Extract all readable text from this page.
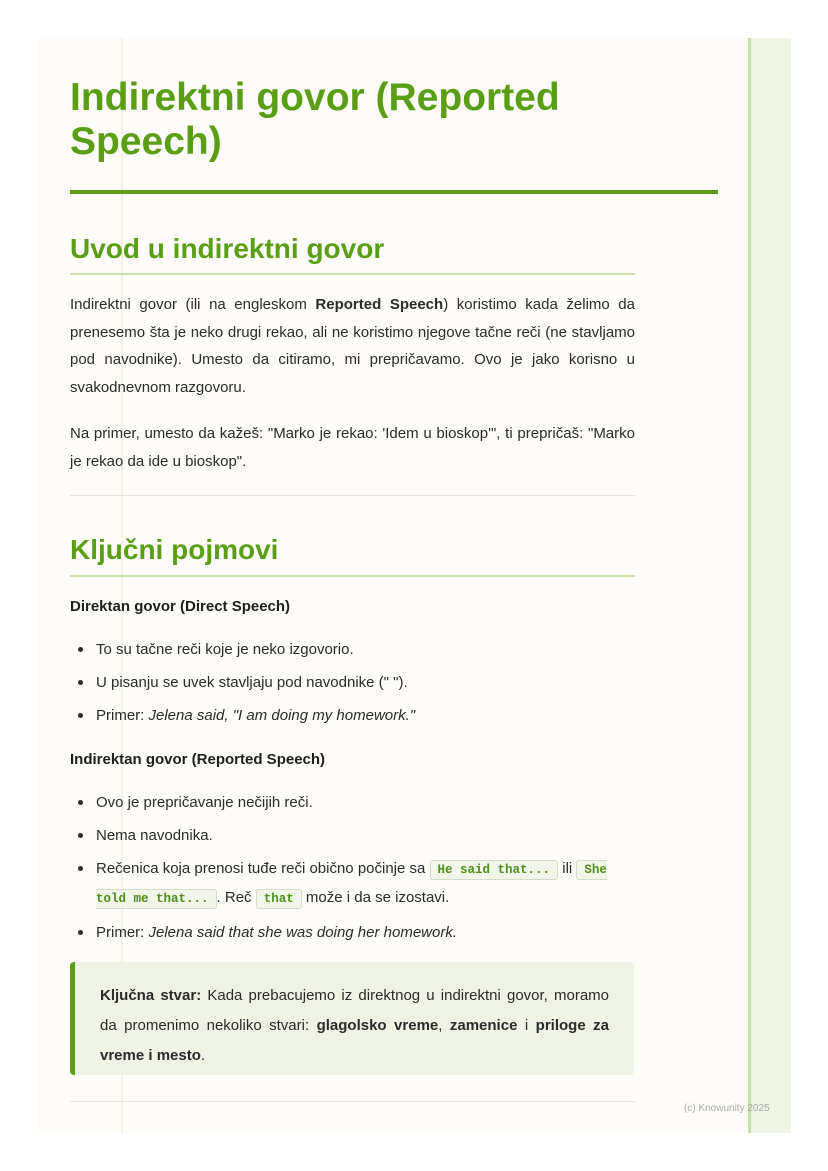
Indirektni govor (Reported Speech)
Uvod u indirektni govor

Indirektni govor (ili na engleskom Reported Speech) koristimo kada želimo da prenesemo šta je neko drugi rekao, ali ne koristimo njegove tačne reči (ne stavljamo pod navodnike). Umesto da citiramo, mi prepričavamo. Ovo je jako korisno u svakodnevnom razgovoru.

Na primer, umesto da kažeš: "Marko je rekao: 'Idem u bioskop'", ti prepričaš: "Marko je rekao da ide u bioskop".

Ključni pojmovi

Direktan govor (Direct Speech)

To su tačne reči koje je neko izgovorio.
U pisanju se uvek stavljaju pod navodnike (" ").
Primer: Jelena said, "I am doing my homework."

Indirektan govor (Reported Speech)

Ovo je prepričavanje nečijih reči.
Nema navodnika.
Rečenica koja prenosi tuđe reči obično počinje sa He said that... ili She told me that... . Reč that može i da se izostavi.
Primer: Jelena said that she was doing her homework.

Ključna stvar: Kada prebacujemo iz direktnog u indirektni govor, moramo da promenimo nekoliko stvari: glagolsko vreme, zamenice i priloge za vreme i mesto.

(c) Knowunity 2025
